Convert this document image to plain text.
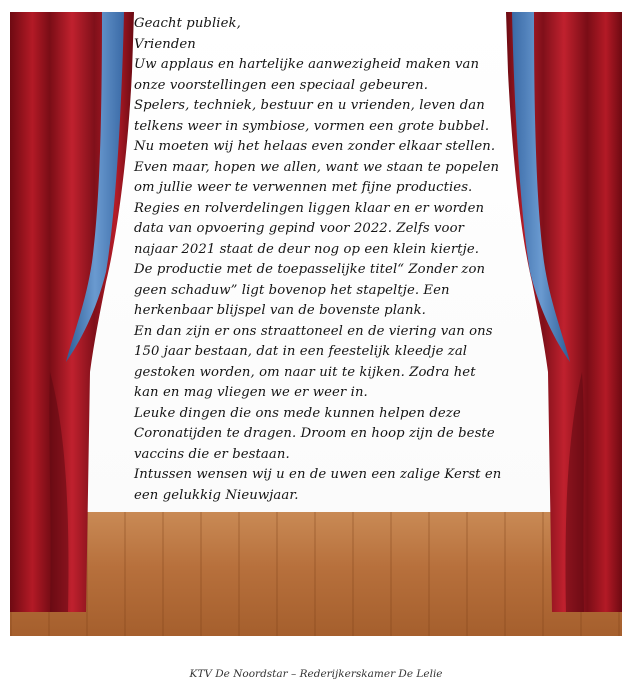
Geacht publiek,
Vrienden
Uw applaus en hartelijke aanwezigheid maken van
onze voorstellingen een speciaal gebeuren.
Spelers, techniek, bestuur en u vrienden, leven dan
telkens weer in symbiose, vormen een grote bubbel.
Nu moeten wij het helaas even zonder elkaar stellen.
Even maar, hopen we allen, want we staan te popelen
om jullie weer te verwennen met fijne producties.
Regies en rolverdelingen liggen klaar en er worden
data van opvoering gepind voor 2022. Zelfs voor
najaar 2021 staat de deur nog op een klein kiertje.
De productie met de toepasselijke titel“ Zonder zon
geen schaduw” ligt bovenop het stapeltje. Een
herkenbaar blijspel van de bovenste plank.
En dan zijn er ons straattoneel en de viering van ons
150 jaar bestaan, dat in een feestelijk kleedje zal
gestoken worden, om naar uit te kijken. Zodra het
kan en mag vliegen we er weer in.
Leuke dingen die ons mede kunnen helpen deze
Coronatijden te dragen. Droom en hoop zijn de beste
vaccins die er bestaan.
Intussen wensen wij u en de uwen een zalige Kerst en
een gelukkig Nieuwjaar.
KTV De Noordstar – Rederijkerskamer De Lelie
